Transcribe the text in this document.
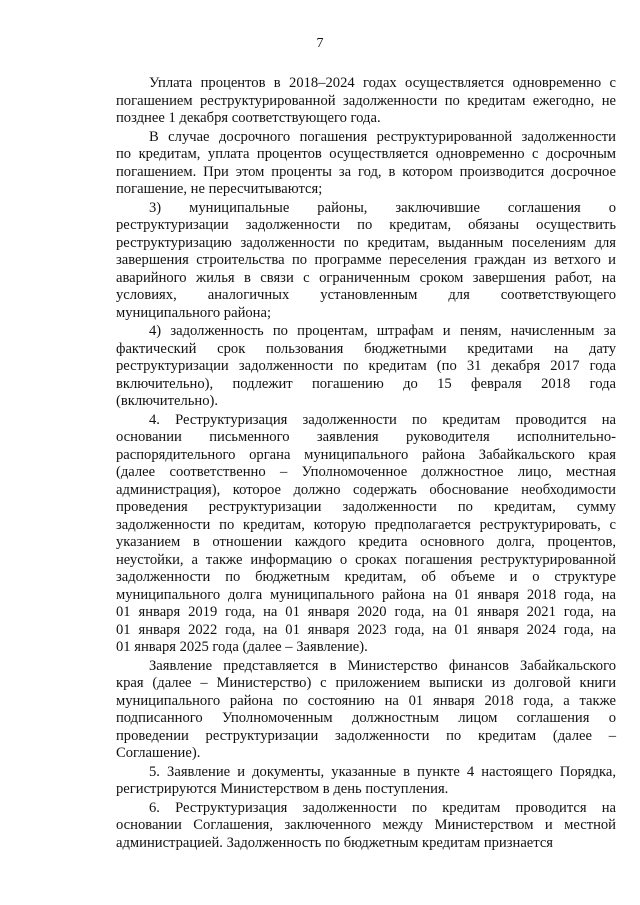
7
Уплата процентов в 2018–2024 годах осуществляется одновременно с
погашением реструктурированной задолженности по кредитам ежегодно, не
позднее 1 декабря соответствующего года.
В случае досрочного погашения реструктурированной задолженности
по кредитам, уплата процентов осуществляется одновременно с досрочным
погашением. При этом проценты за год, в котором производится досрочное
погашение, не пересчитываются;
3) муниципальные районы, заключившие соглашения о
реструктуризации задолженности по кредитам, обязаны осуществить
реструктуризацию задолженности по кредитам, выданным поселениям для
завершения строительства по программе переселения граждан из ветхого и
аварийного жилья в связи с ограниченным сроком завершения работ, на
условиях, аналогичных установленным для соответствующего
муниципального района;
4) задолженность по процентам, штрафам и пеням, начисленным за
фактический срок пользования бюджетными кредитами на дату
реструктуризации задолженности по кредитам (по 31 декабря 2017 года
включительно), подлежит погашению до 15 февраля 2018 года
(включительно).
4. Реструктуризация задолженности по кредитам проводится на
основании письменного заявления руководителя исполнительно-
распорядительного органа муниципального района Забайкальского края
(далее соответственно – Уполномоченное должностное лицо, местная
администрация), которое должно содержать обоснование необходимости
проведения реструктуризации задолженности по кредитам, сумму
задолженности по кредитам, которую предполагается реструктурировать, с
указанием в отношении каждого кредита основного долга, процентов,
неустойки, а также информацию о сроках погашения реструктурированной
задолженности по бюджетным кредитам, об объеме и о структуре
муниципального долга муниципального района на 01 января 2018 года, на
01 января 2019 года, на 01 января 2020 года, на 01 января 2021 года, на
01 января 2022 года, на 01 января 2023 года, на 01 января 2024 года, на
01 января 2025 года (далее – Заявление).
Заявление представляется в Министерство финансов Забайкальского
края (далее – Министерство) с приложением выписки из долговой книги
муниципального района по состоянию на 01 января 2018 года, а также
подписанного Уполномоченным должностным лицом соглашения о
проведении реструктуризации задолженности по кредитам (далее –
Соглашение).
5. Заявление и документы, указанные в пункте 4 настоящего Порядка,
регистрируются Министерством в день поступления.
6. Реструктуризация задолженности по кредитам проводится на
основании Соглашения, заключенного между Министерством и местной
администрацией. Задолженность по бюджетным кредитам признается
